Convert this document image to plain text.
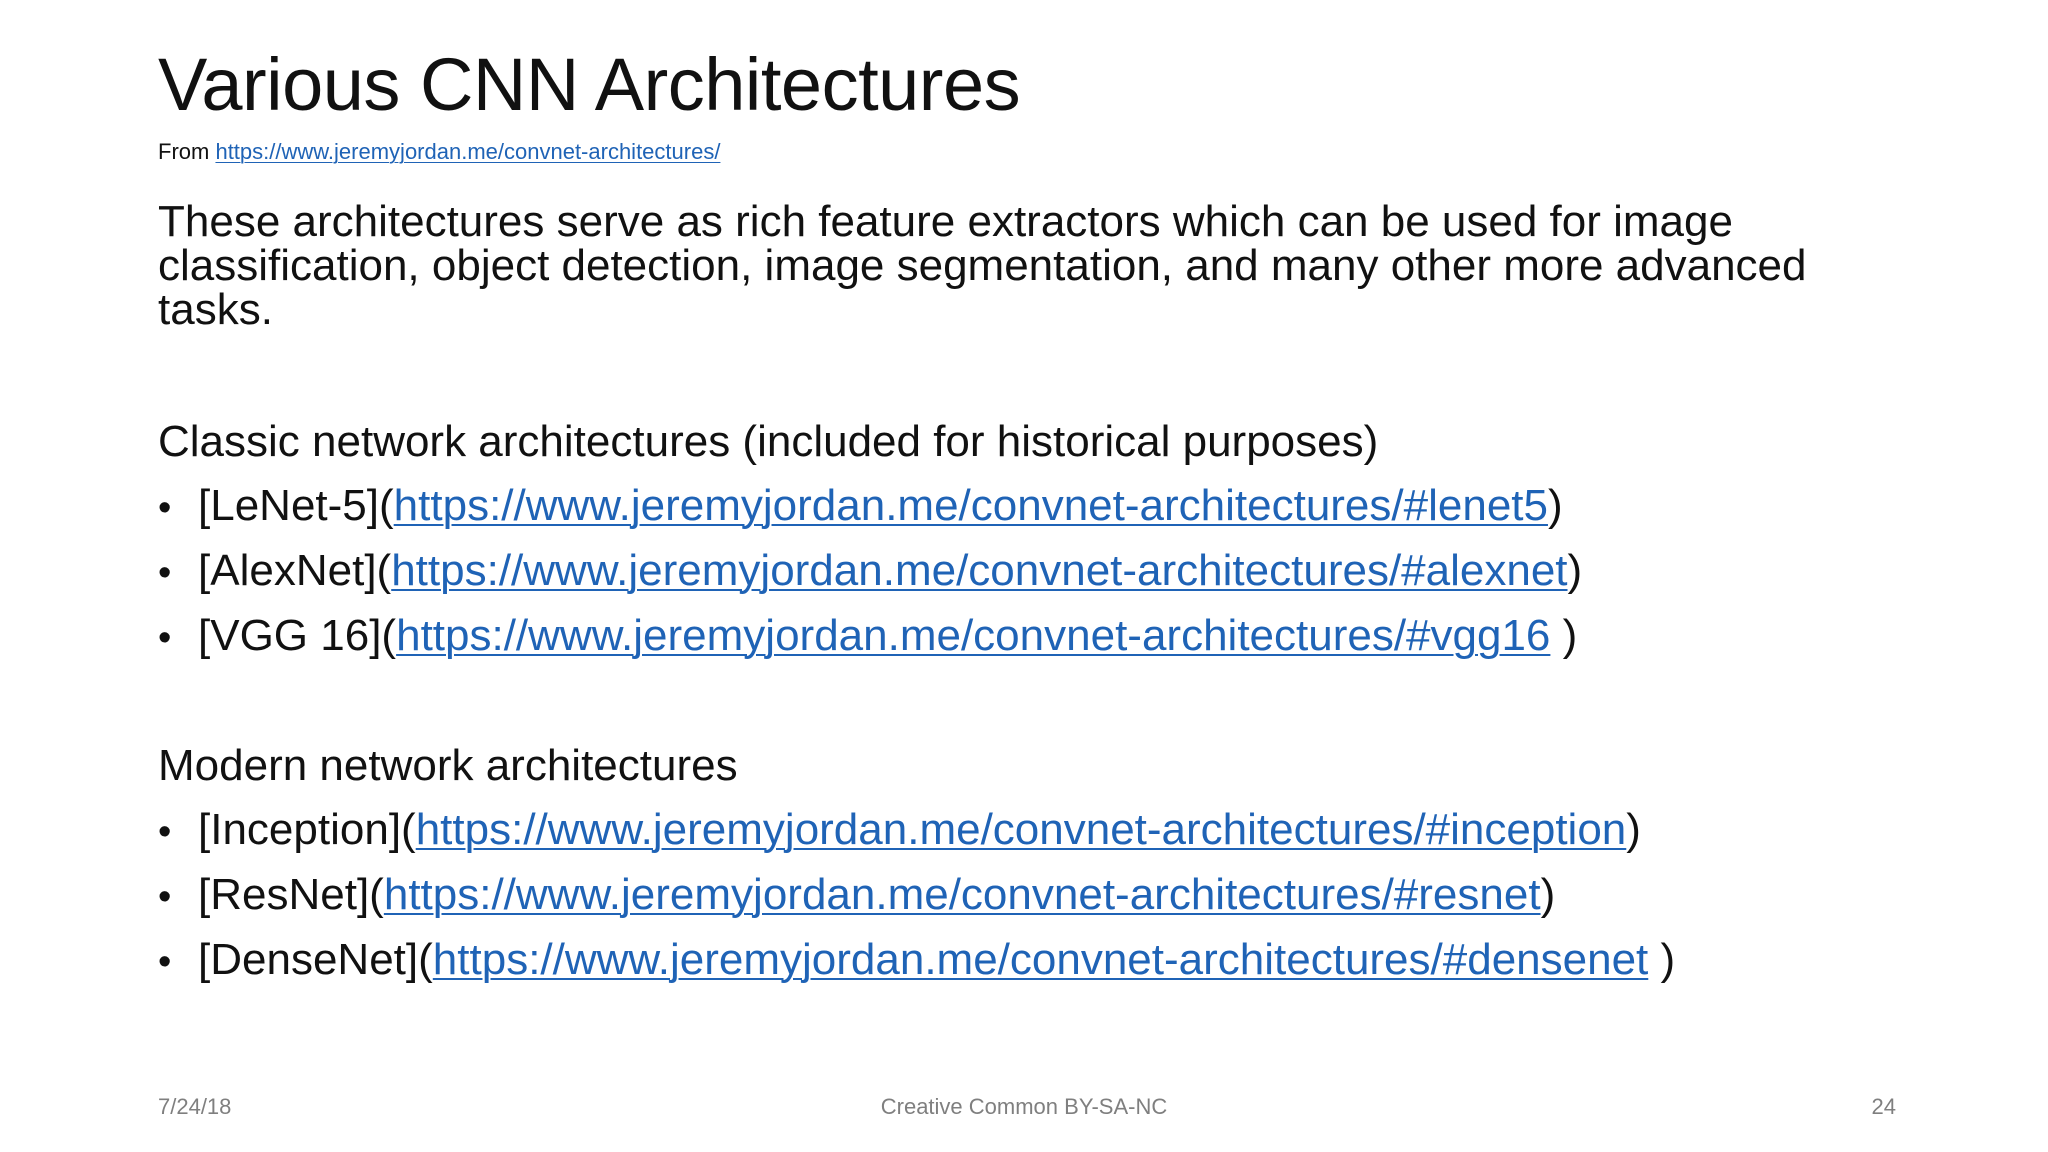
Various CNN Architectures
From https://www.jeremyjordan.me/convnet-architectures/
These architectures serve as rich feature extractors which can be used for image classification, object detection, image segmentation, and many other more advanced tasks.
Classic network architectures (included for historical purposes)
• [LeNet-5](https://www.jeremyjordan.me/convnet-architectures/#lenet5)
• [AlexNet](https://www.jeremyjordan.me/convnet-architectures/#alexnet)
• [VGG 16](https://www.jeremyjordan.me/convnet-architectures/#vgg16 )
Modern network architectures
• [Inception](https://www.jeremyjordan.me/convnet-architectures/#inception)
• [ResNet](https://www.jeremyjordan.me/convnet-architectures/#resnet)
• [DenseNet](https://www.jeremyjordan.me/convnet-architectures/#densenet )
7/24/18	Creative Common BY-SA-NC	24
